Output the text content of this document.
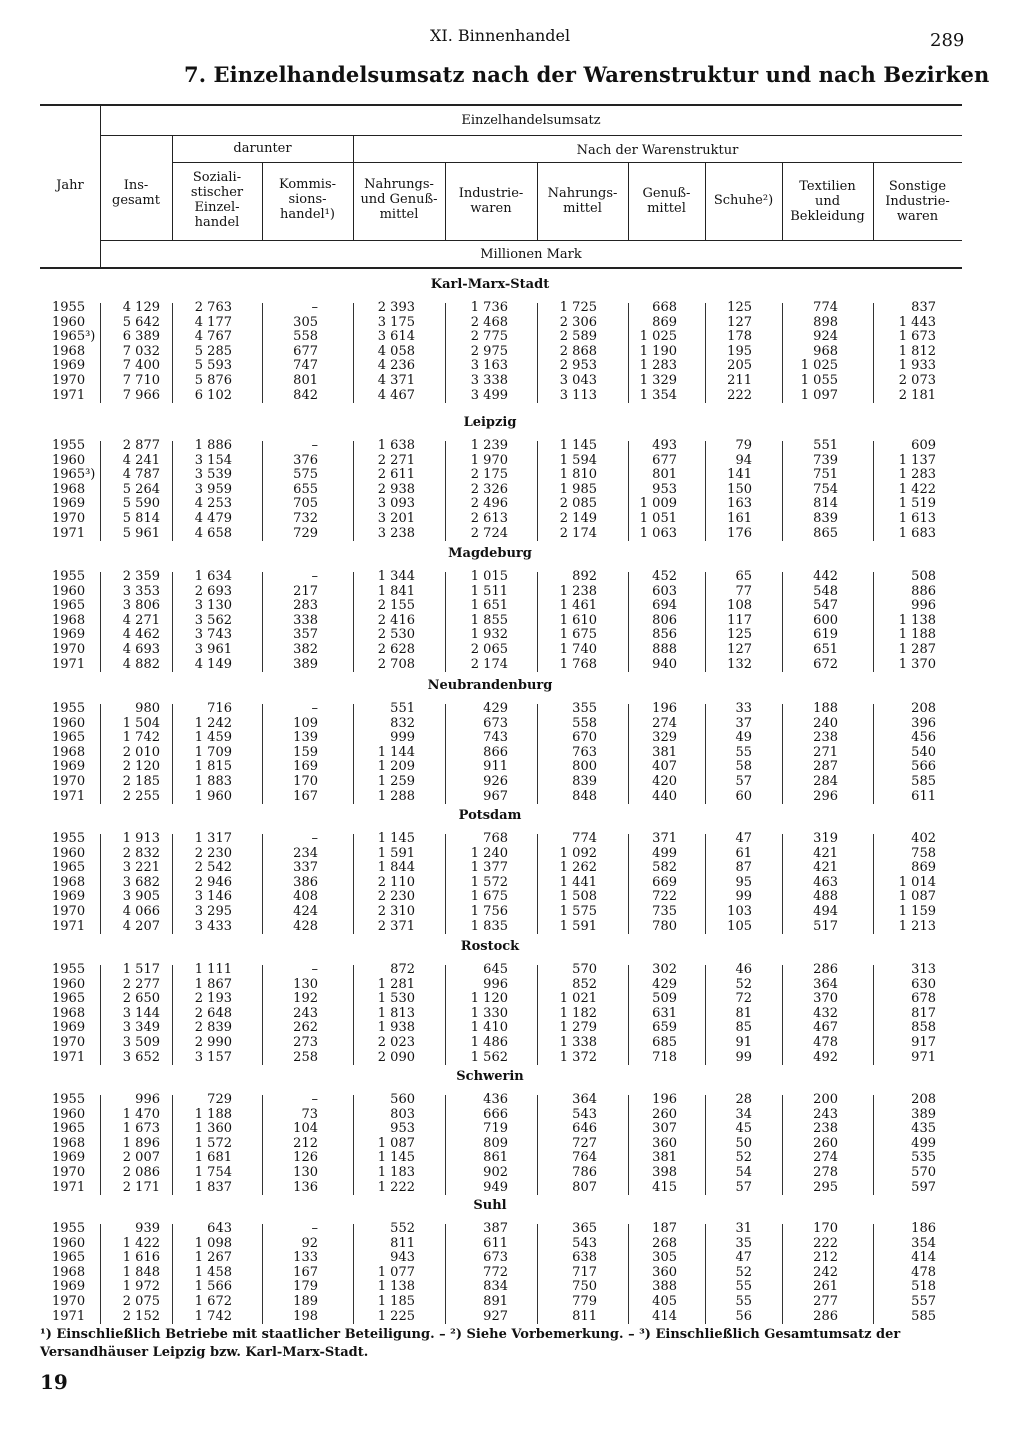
XI. Binnenhandel	289
7. Einzelhandelsumsatz nach der Warenstruktur und nach Bezirken
Jahr
Einzelhandelsumsatz
darunter	Nach der Warenstruktur
Millionen Mark
Ins-
gesamt
Soziali-
stischer
Einzel-
handel
Kommis-
sions-
handel¹)
Nahrungs-
und Genuß-
mittel
Industrie-
waren
Nahrungs-
mittel
Genuß-
mittel
Schuhe²)
Textilien
und
Bekleidung
Sonstige
Industrie-
waren
Karl-Marx-Stadt
1955	4 129	2 763	–	2 393	1 736	1 725	668	125	774	837
1960	5 642	4 177	305	3 175	2 468	2 306	869	127	898	1 443
1965³)	6 389	4 767	558	3 614	2 775	2 589	1 025	178	924	1 673
1968	7 032	5 285	677	4 058	2 975	2 868	1 190	195	968	1 812
1969	7 400	5 593	747	4 236	3 163	2 953	1 283	205	1 025	1 933
1970	7 710	5 876	801	4 371	3 338	3 043	1 329	211	1 055	2 073
1971	7 966	6 102	842	4 467	3 499	3 113	1 354	222	1 097	2 181
Leipzig
1955	2 877	1 886	–	1 638	1 239	1 145	493	79	551	609
1960	4 241	3 154	376	2 271	1 970	1 594	677	94	739	1 137
1965³)	4 787	3 539	575	2 611	2 175	1 810	801	141	751	1 283
1968	5 264	3 959	655	2 938	2 326	1 985	953	150	754	1 422
1969	5 590	4 253	705	3 093	2 496	2 085	1 009	163	814	1 519
1970	5 814	4 479	732	3 201	2 613	2 149	1 051	161	839	1 613
1971	5 961	4 658	729	3 238	2 724	2 174	1 063	176	865	1 683
Magdeburg
1955	2 359	1 634	–	1 344	1 015	892	452	65	442	508
1960	3 353	2 693	217	1 841	1 511	1 238	603	77	548	886
1965	3 806	3 130	283	2 155	1 651	1 461	694	108	547	996
1968	4 271	3 562	338	2 416	1 855	1 610	806	117	600	1 138
1969	4 462	3 743	357	2 530	1 932	1 675	856	125	619	1 188
1970	4 693	3 961	382	2 628	2 065	1 740	888	127	651	1 287
1971	4 882	4 149	389	2 708	2 174	1 768	940	132	672	1 370
Neubrandenburg
1955	980	716	–	551	429	355	196	33	188	208
1960	1 504	1 242	109	832	673	558	274	37	240	396
1965	1 742	1 459	139	999	743	670	329	49	238	456
1968	2 010	1 709	159	1 144	866	763	381	55	271	540
1969	2 120	1 815	169	1 209	911	800	407	58	287	566
1970	2 185	1 883	170	1 259	926	839	420	57	284	585
1971	2 255	1 960	167	1 288	967	848	440	60	296	611
Potsdam
1955	1 913	1 317	–	1 145	768	774	371	47	319	402
1960	2 832	2 230	234	1 591	1 240	1 092	499	61	421	758
1965	3 221	2 542	337	1 844	1 377	1 262	582	87	421	869
1968	3 682	2 946	386	2 110	1 572	1 441	669	95	463	1 014
1969	3 905	3 146	408	2 230	1 675	1 508	722	99	488	1 087
1970	4 066	3 295	424	2 310	1 756	1 575	735	103	494	1 159
1971	4 207	3 433	428	2 371	1 835	1 591	780	105	517	1 213
Rostock
1955	1 517	1 111	–	872	645	570	302	46	286	313
1960	2 277	1 867	130	1 281	996	852	429	52	364	630
1965	2 650	2 193	192	1 530	1 120	1 021	509	72	370	678
1968	3 144	2 648	243	1 813	1 330	1 182	631	81	432	817
1969	3 349	2 839	262	1 938	1 410	1 279	659	85	467	858
1970	3 509	2 990	273	2 023	1 486	1 338	685	91	478	917
1971	3 652	3 157	258	2 090	1 562	1 372	718	99	492	971
Schwerin
1955	996	729	–	560	436	364	196	28	200	208
1960	1 470	1 188	73	803	666	543	260	34	243	389
1965	1 673	1 360	104	953	719	646	307	45	238	435
1968	1 896	1 572	212	1 087	809	727	360	50	260	499
1969	2 007	1 681	126	1 145	861	764	381	52	274	535
1970	2 086	1 754	130	1 183	902	786	398	54	278	570
1971	2 171	1 837	136	1 222	949	807	415	57	295	597
Suhl
1955	939	643	–	552	387	365	187	31	170	186
1960	1 422	1 098	92	811	611	543	268	35	222	354
1965	1 616	1 267	133	943	673	638	305	47	212	414
1968	1 848	1 458	167	1 077	772	717	360	52	242	478
1969	1 972	1 566	179	1 138	834	750	388	55	261	518
1970	2 075	1 672	189	1 185	891	779	405	55	277	557
1971	2 152	1 742	198	1 225	927	811	414	56	286	585
¹) Einschließlich Betriebe mit staatlicher Beteiligung. – ²) Siehe Vorbemerkung. – ³) Einschließlich Gesamtumsatz der Versandhäuser Leipzig bzw. Karl-Marx-Stadt.
19
